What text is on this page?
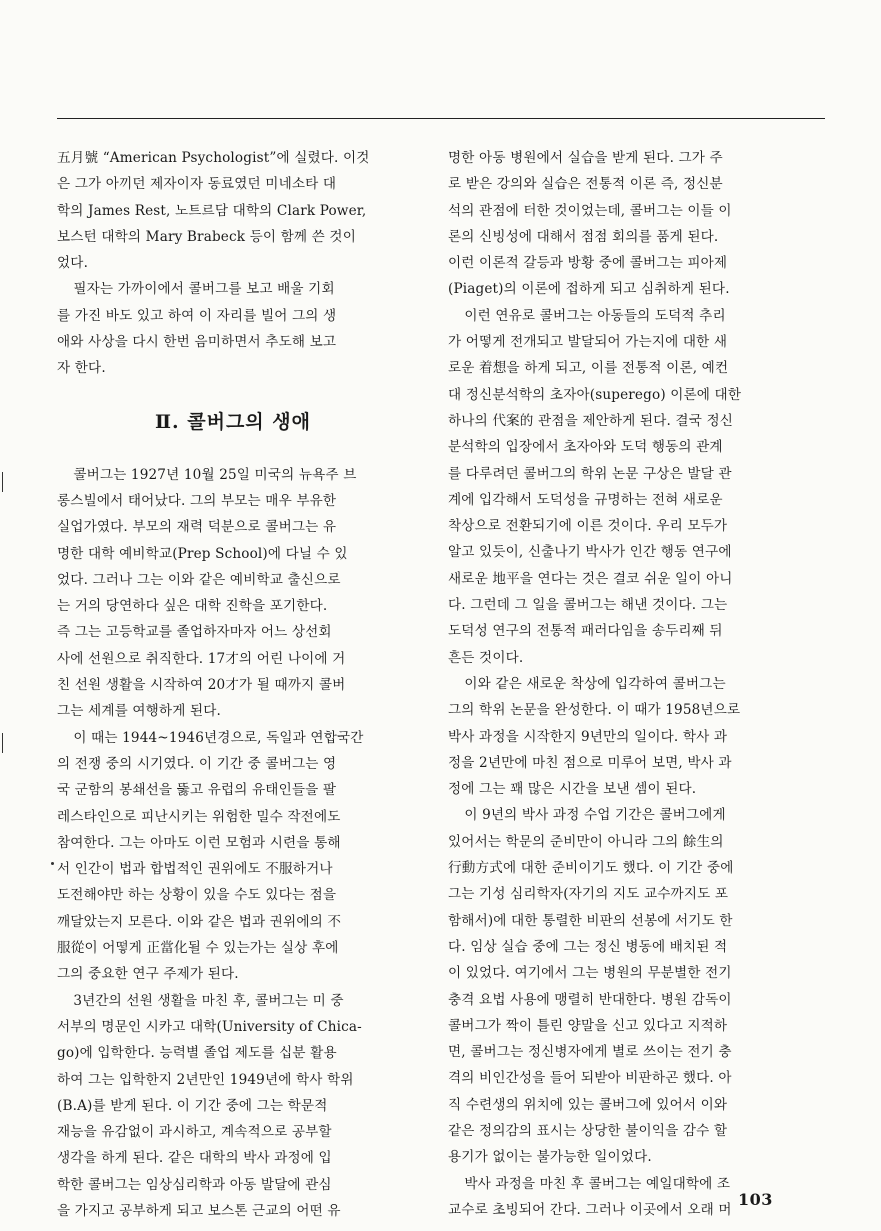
五月號 “American Psychologist”에 실렸다. 이것
은 그가 아끼던 제자이자 동료였던 미네소타 대
학의 James Rest, 노트르담 대학의 Clark Power,
보스턴 대학의 Mary Brabeck 등이 함께 쓴 것이
었다.
필자는 가까이에서 콜버그를 보고 배울 기회
를 가진 바도 있고 하여 이 자리를 빌어 그의 생
애와 사상을 다시 한번 음미하면서 추도해 보고
자 한다.
Ⅱ. 콜버그의 생애
콜버그는 1927년 10월 25일 미국의 뉴욕주 브
롱스빌에서 태어났다. 그의 부모는 매우 부유한
실업가였다. 부모의 재력 덕분으로 콜버그는 유
명한 대학 예비학교(Prep School)에 다닐 수 있
었다. 그러나 그는 이와 같은 예비학교 출신으로
는 거의 당연하다 싶은 대학 진학을 포기한다.
즉 그는 고등학교를 졸업하자마자 어느 상선회
사에 선원으로 취직한다. 17才의 어린 나이에 거
친 선원 생활을 시작하여 20才가 될 때까지 콜버
그는 세계를 여행하게 된다.
이 때는 1944~1946년경으로, 독일과 연합국간
의 전쟁 중의 시기였다. 이 기간 중 콜버그는 영
국 군함의 봉쇄선을 뚫고 유럽의 유태인들을 팔
레스타인으로 피난시키는 위험한 밀수 작전에도
참여한다. 그는 아마도 이런 모험과 시련을 통해
서 인간이 법과 합법적인 권위에도 不服하거나
도전해야만 하는 상황이 있을 수도 있다는 점을
깨달았는지 모른다. 이와 같은 법과 권위에의 不
服從이 어떻게 正當化될 수 있는가는 실상 후에
그의 중요한 연구 주제가 된다.
3년간의 선원 생활을 마친 후, 콜버그는 미 중
서부의 명문인 시카고 대학(University of Chica-
go)에 입학한다. 능력별 졸업 제도를 십분 활용
하여 그는 입학한지 2년만인 1949년에 학사 학위
(B.A)를 받게 된다. 이 기간 중에 그는 학문적
재능을 유감없이 과시하고, 계속적으로 공부할
생각을 하게 된다. 같은 대학의 박사 과정에 입
학한 콜버그는 임상심리학과 아동 발달에 관심
을 가지고 공부하게 되고 보스톤 근교의 어떤 유
명한 아동 병원에서 실습을 받게 된다. 그가 주
로 받은 강의와 실습은 전통적 이론 즉, 정신분
석의 관점에 터한 것이었는데, 콜버그는 이들 이
론의 신빙성에 대해서 점점 회의를 품게 된다.
이런 이론적 갈등과 방황 중에 콜버그는 피아제
(Piaget)의 이론에 접하게 되고 심취하게 된다.
이런 연유로 콜버그는 아동들의 도덕적 추리
가 어떻게 전개되고 발달되어 가는지에 대한 새
로운 着想을 하게 되고, 이를 전통적 이론, 예컨
대 정신분석학의 초자아(superego) 이론에 대한
하나의 代案的 관점을 제안하게 된다. 결국 정신
분석학의 입장에서 초자아와 도덕 행동의 관계
를 다루려던 콜버그의 학위 논문 구상은 발달 관
계에 입각해서 도덕성을 규명하는 전혀 새로운
착상으로 전환되기에 이른 것이다. 우리 모두가
알고 있듯이, 신출나기 박사가 인간 행동 연구에
새로운 地平을 연다는 것은 결코 쉬운 일이 아니
다. 그런데 그 일을 콜버그는 해낸 것이다. 그는
도덕성 연구의 전통적 패러다임을 송두리째 뒤
흔든 것이다.
이와 같은 새로운 착상에 입각하여 콜버그는
그의 학위 논문을 완성한다. 이 때가 1958년으로
박사 과정을 시작한지 9년만의 일이다. 학사 과
정을 2년만에 마친 점으로 미루어 보면, 박사 과
정에 그는 꽤 많은 시간을 보낸 셈이 된다.
이 9년의 박사 과정 수업 기간은 콜버그에게
있어서는 학문의 준비만이 아니라 그의 餘生의
行動方式에 대한 준비이기도 했다. 이 기간 중에
그는 기성 심리학자(자기의 지도 교수까지도 포
함해서)에 대한 통렬한 비판의 선봉에 서기도 한
다. 임상 실습 중에 그는 정신 병동에 배치된 적
이 있었다. 여기에서 그는 병원의 무분별한 전기
충격 요법 사용에 맹렬히 반대한다. 병원 감독이
콜버그가 짝이 틀린 양말을 신고 있다고 지적하
면, 콜버그는 정신병자에게 별로 쓰이는 전기 충
격의 비인간성을 들어 되받아 비판하곤 했다. 아
직 수련생의 위치에 있는 콜버그에 있어서 이와
같은 정의감의 표시는 상당한 불이익을 감수 할
용기가 없이는 불가능한 일이었다.
박사 과정을 마친 후 콜버그는 예일대학에 조
교수로 초빙되어 간다. 그러나 이곳에서 오래 머
103
